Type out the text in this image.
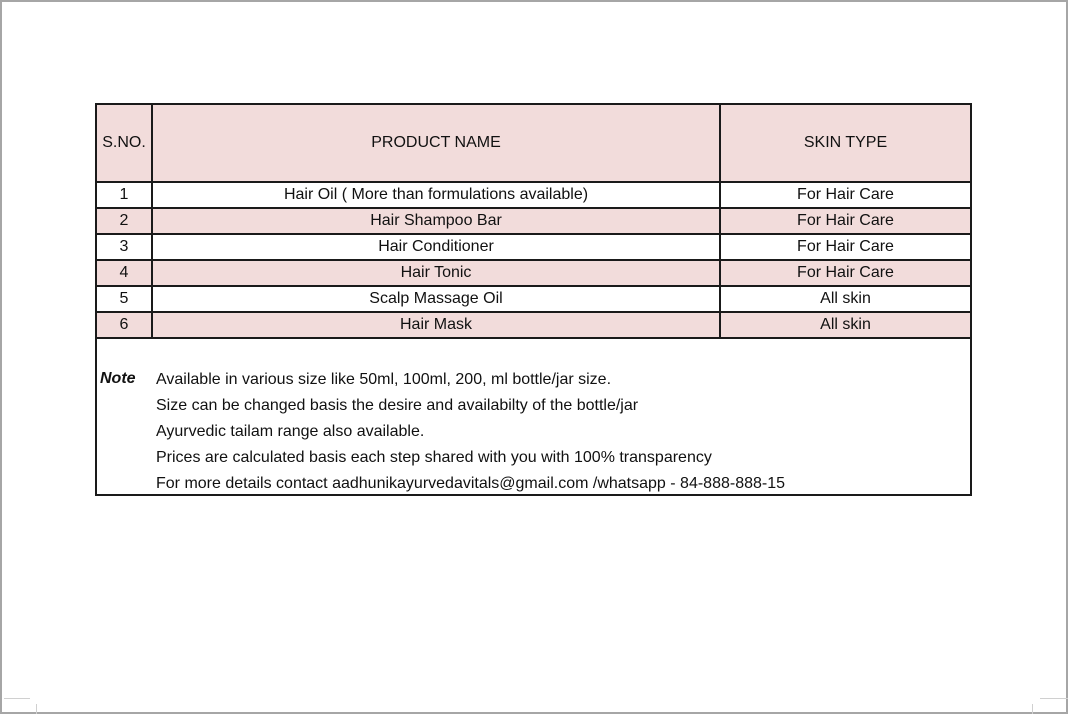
S.NO.	PRODUCT NAME	SKIN TYPE
1	Hair Oil ( More than formulations available)	For Hair Care
2	Hair Shampoo Bar	For Hair Care
3	Hair Conditioner	For Hair Care
4	Hair Tonic	For Hair Care
5	Scalp Massage Oil	All skin
6	Hair Mask	All skin
Note Available in various size like 50ml, 100ml, 200, ml bottle/jar size.
Size can be changed basis the desire and availabilty of the bottle/jar
Ayurvedic tailam range also available.
Prices are calculated basis each step shared with you with 100% transparency
For more details contact aadhunikayurvedavitals@gmail.com /whatsapp - 84-888-888-15
